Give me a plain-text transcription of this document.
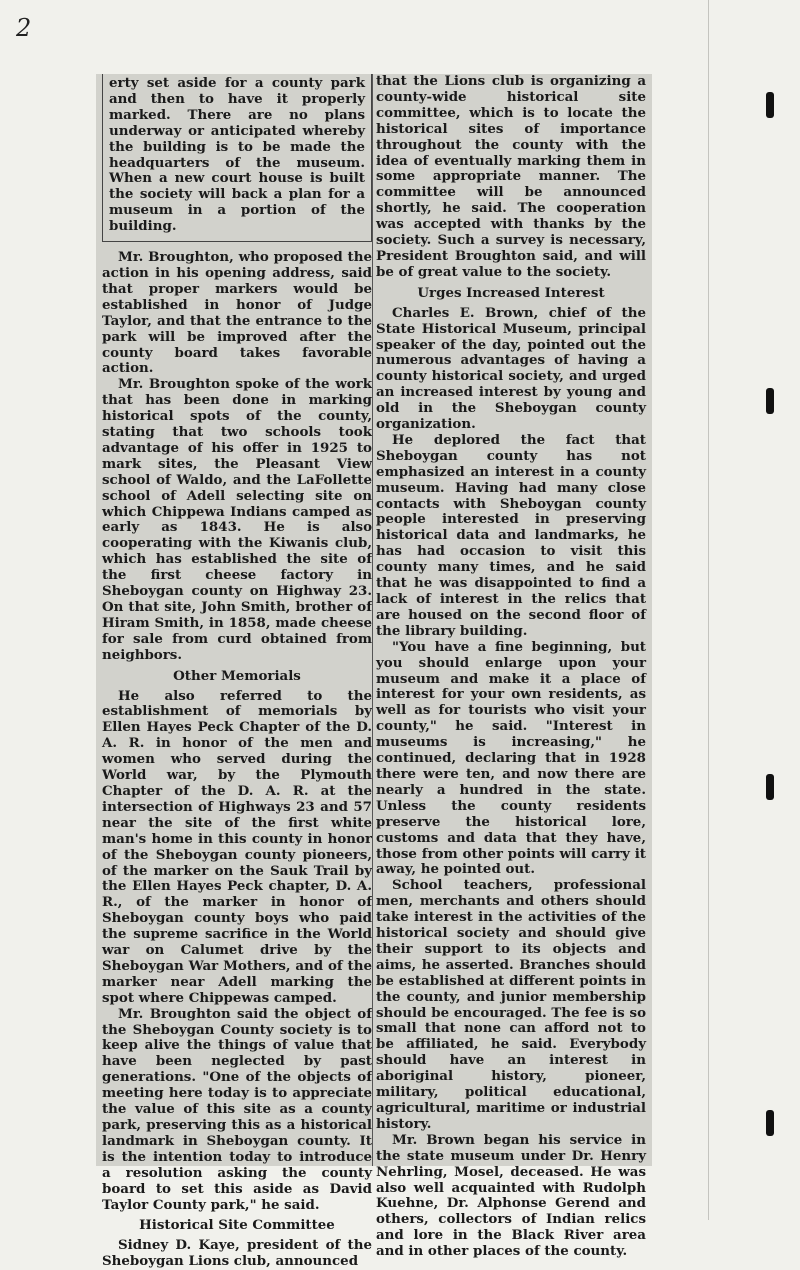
2

erty set aside for a county park and then to have it properly marked. There are no plans underway or anticipated whereby the building is to be made the headquarters of the museum. When a new court house is built the society will back a plan for a museum in a portion of the building.

Mr. Broughton, who proposed the action in his opening address, said that proper markers would be established in honor of Judge Taylor, and that the entrance to the park will be improved after the county board takes favorable action.

Mr. Broughton spoke of the work that has been done in marking historical spots of the county, stating that two schools took advantage of his offer in 1925 to mark sites, the Pleasant View school of Waldo, and the LaFollette school of Adell selecting site on which Chippewa Indians camped as early as 1843. He is also cooperating with the Kiwanis club, which has established the site of the first cheese factory in Sheboygan county on Highway 23. On that site, John Smith, brother of Hiram Smith, in 1858, made cheese for sale from curd obtained from neighbors.

Other Memorials

He also referred to the establishment of memorials by Ellen Hayes Peck Chapter of the D. A. R. in honor of the men and women who served during the World war, by the Plymouth Chapter of the D. A. R. at the intersection of Highways 23 and 57 near the site of the first white man's home in this county in honor of the Sheboygan county pioneers, of the marker on the Sauk Trail by the Ellen Hayes Peck chapter, D. A. R., of the marker in honor of Sheboygan county boys who paid the supreme sacrifice in the World war on Calumet drive by the Sheboygan War Mothers, and of the marker near Adell marking the spot where Chippewas camped.

Mr. Broughton said the object of the Sheboygan County society is to keep alive the things of value that have been neglected by past generations. "One of the objects of meeting here today is to appreciate the value of this site as a county park, preserving this as a historical landmark in Sheboygan county. It is the intention today to introduce a resolution asking the county board to set this aside as David Taylor County park," he said.

Historical Site Committee

Sidney D. Kaye, president of the Sheboygan Lions club, announced

that the Lions club is organizing a county-wide historical site committee, which is to locate the historical sites of importance throughout the county with the idea of eventually marking them in some appropriate manner. The committee will be announced shortly, he said. The cooperation was accepted with thanks by the society. Such a survey is necessary, President Broughton said, and will be of great value to the society.

Urges Increased Interest

Charles E. Brown, chief of the State Historical Museum, principal speaker of the day, pointed out the numerous advantages of having a county historical society, and urged an increased interest by young and old in the Sheboygan county organization.

He deplored the fact that Sheboygan county has not emphasized an interest in a county museum. Having had many close contacts with Sheboygan county people interested in preserving historical data and landmarks, he has had occasion to visit this county many times, and he said that he was disappointed to find a lack of interest in the relics that are housed on the second floor of the library building.

"You have a fine beginning, but you should enlarge upon your museum and make it a place of interest for your own residents, as well as for tourists who visit your county," he said. "Interest in museums is increasing," he continued, declaring that in 1928 there were ten, and now there are nearly a hundred in the state. Unless the county residents preserve the historical lore, customs and data that they have, those from other points will carry it away, he pointed out.

School teachers, professional men, merchants and others should take interest in the activities of the historical society and should give their support to its objects and aims, he asserted. Branches should be established at different points in the county, and junior membership should be encouraged. The fee is so small that none can afford not to be affiliated, he said. Everybody should have an interest in aboriginal history, pioneer, military, political educational, agricultural, maritime or industrial history.

Mr. Brown began his service in the state museum under Dr. Henry Nehrling, Mosel, deceased. He was also well acquainted with Rudolph Kuehne, Dr. Alphonse Gerend and others, collectors of Indian relics and lore in the Black River area and in other places of the county.
